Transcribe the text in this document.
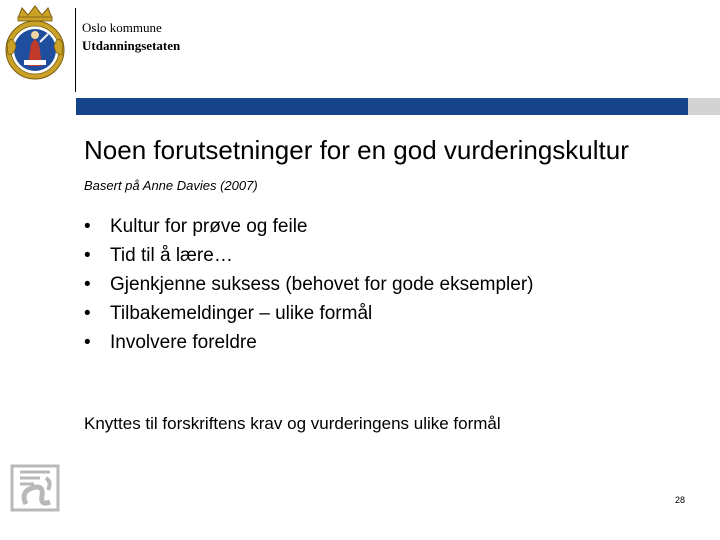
Oslo kommune
Utdanningsetaten
Noen forutsetninger for en god vurderingskultur
Basert på Anne Davies (2007)
•	Kultur for prøve og feile
•	Tid til å lære…
•	Gjenkjenne suksess (behovet for gode eksempler)
•	Tilbakemeldinger – ulike formål
•	Involvere foreldre
Knyttes til forskriftens krav og vurderingens ulike formål
28
